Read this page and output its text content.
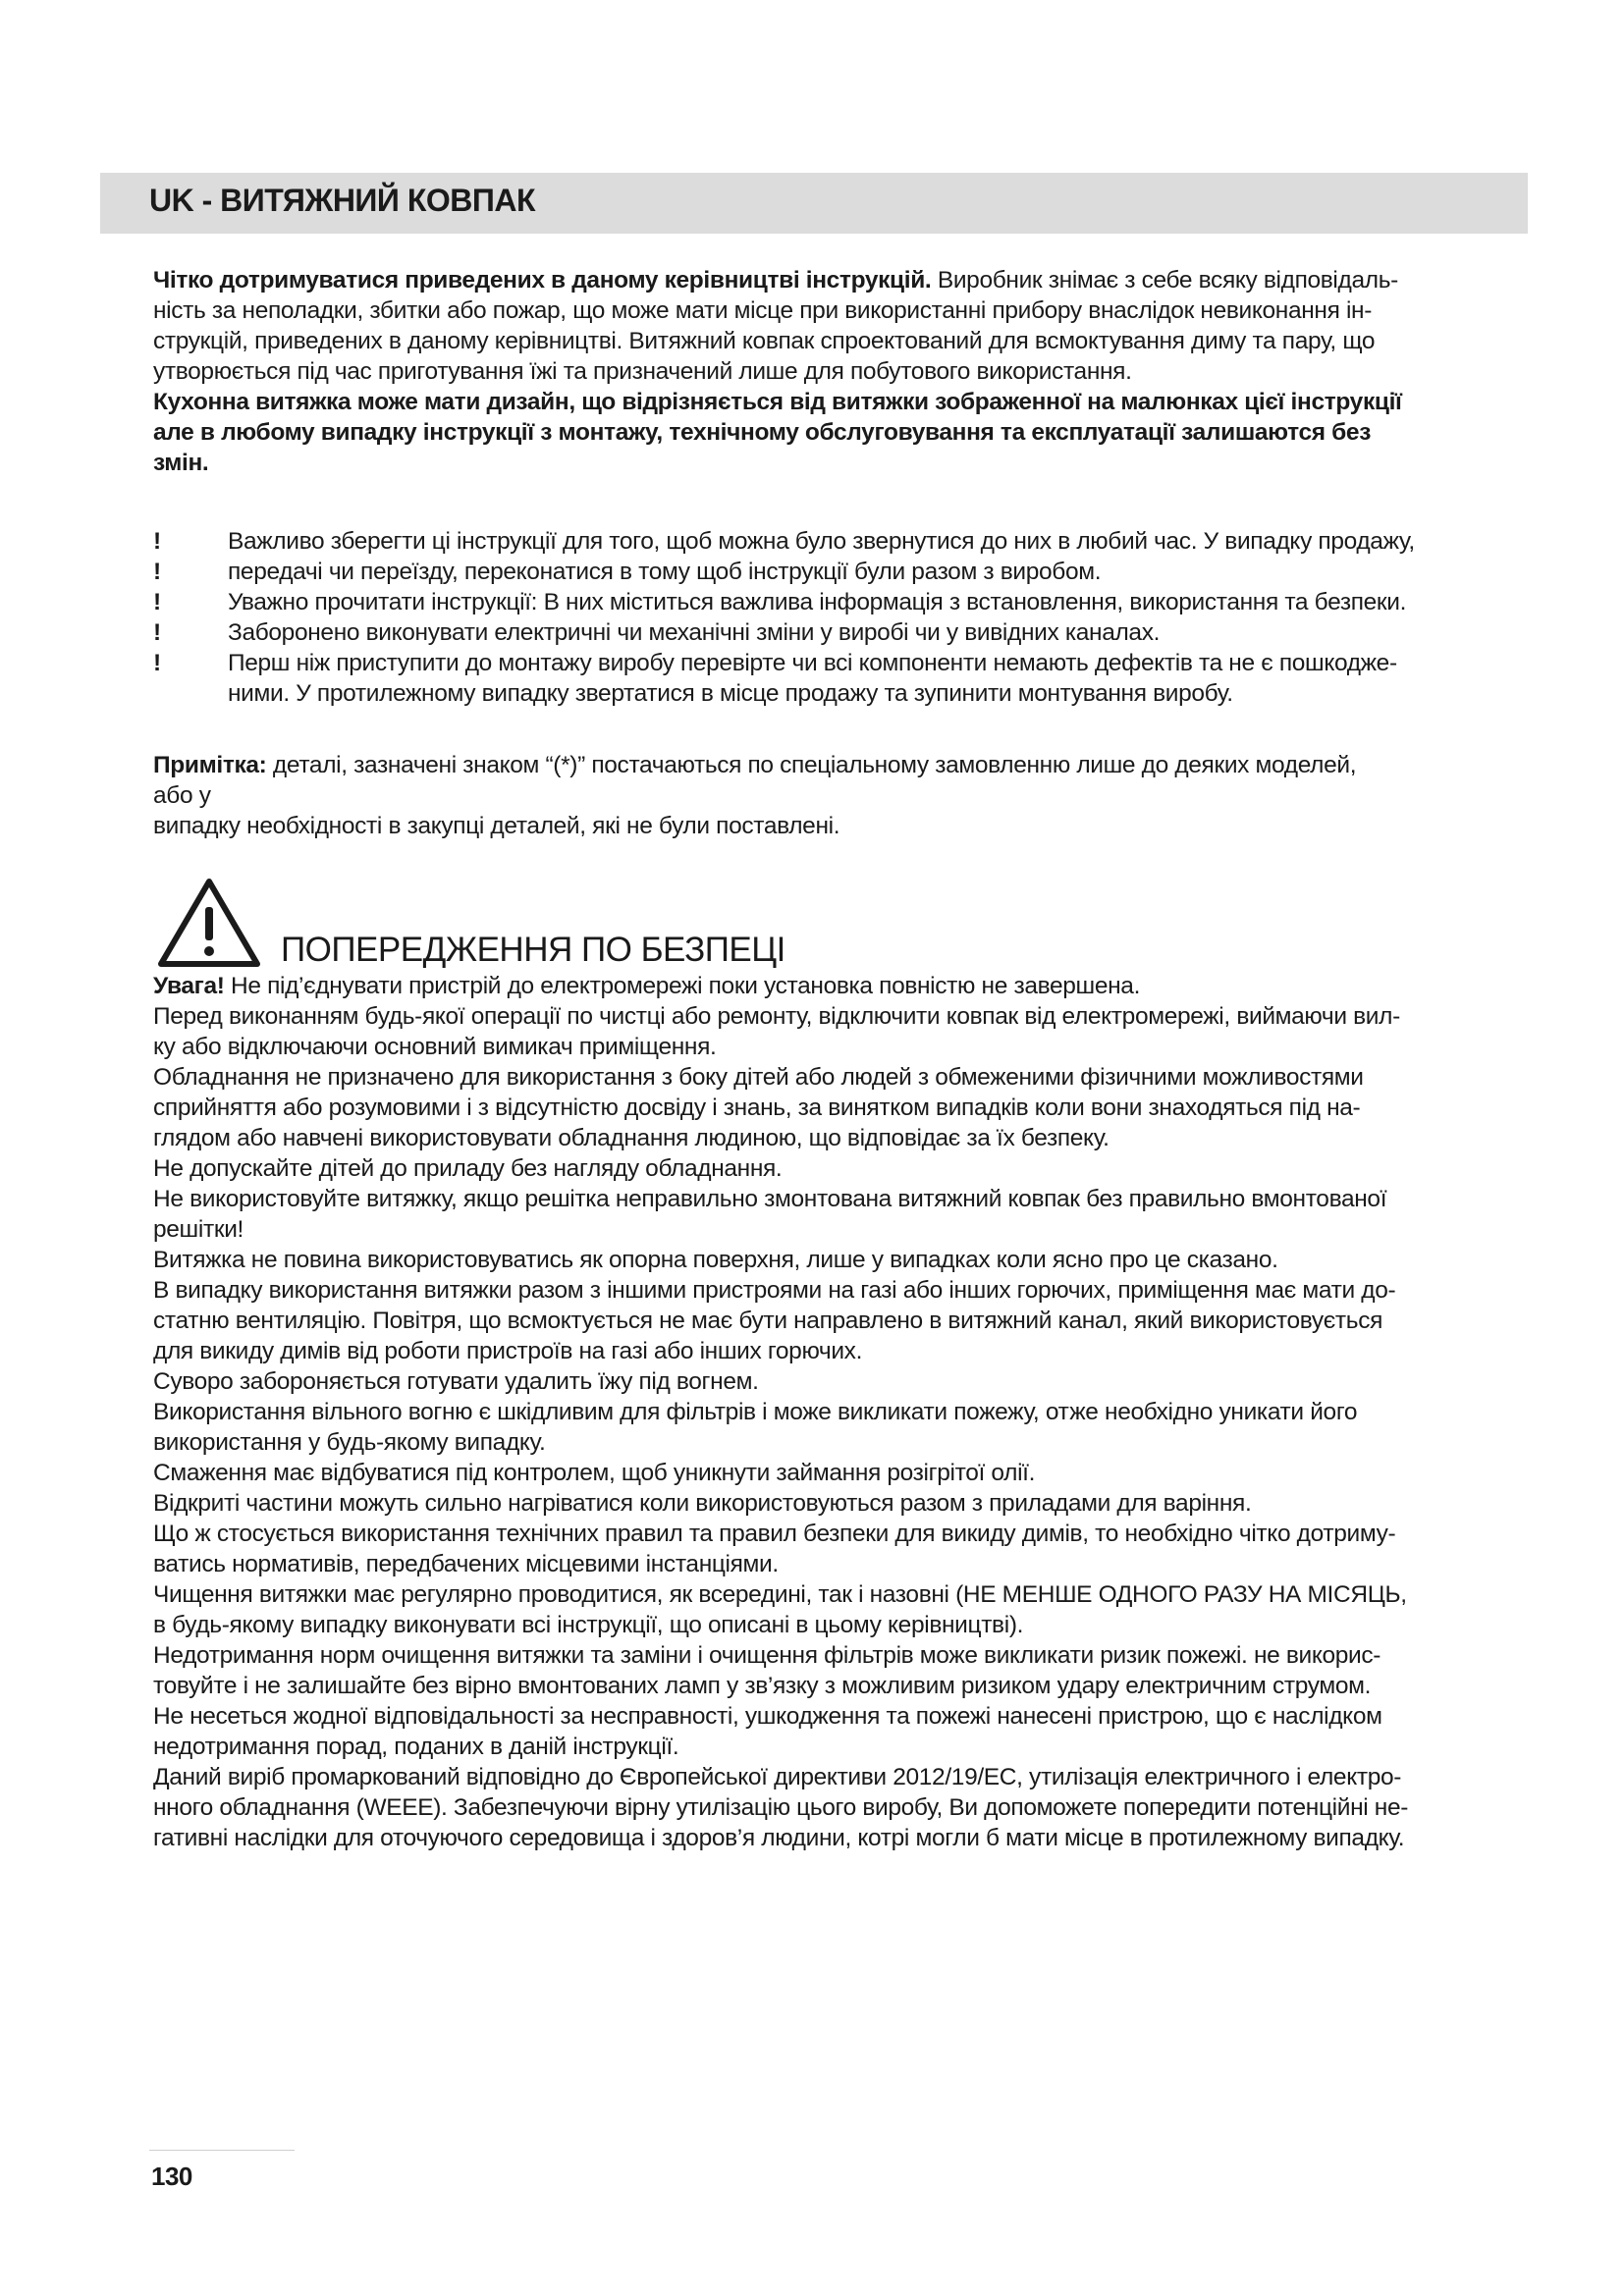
UK - ВИТЯЖНИЙ КОВПАК
Чітко дотримуватися приведених в даному керівництві інструкцій. Виробник знімає з себе всяку відповідаль-
ність за неполадки, збитки або пожар, що може мати місце при використанні прибору внаслідок невиконання ін-
струкцій, приведених в даному керівництві. Витяжний ковпак спроектований для всмоктування диму та пару, що
утворюється під час приготування їжі та призначений лише для побутового використання.
Кухонна витяжка може мати дизайн, що відрізняється від витяжки зображенної на малюнках цієї інструкції
але в любому випадку інструкції з монтажу, технічному обслуговування та експлуатації залишаются без
змін.
!	Важливо зберегти ці інструкції для того, щоб можна було звернутися до них в любий час. У випадку продажу,
!	передачі чи переїзду, переконатися в тому щоб інструкції були разом з виробом.
!	Уважно прочитати інструкції: В них міститься важлива інформація з встановлення, використання та безпеки.
!	Заборонено виконувати електричні чи механічні зміни у виробі чи у вивідних каналах.
!	Перш ніж приступити до монтажу виробу перевірте чи всі компоненти немають дефектів та не є пошкодже-
ними. У протилежному випадку звертатися в місце продажу та зупинити монтування виробу.
Примітка: деталі, зазначені знаком “(*)” постачаються по спеціальному замовленню лише до деяких моделей,
або у
випадку необхідності в закупці деталей, які не були поставлені.
ПОПЕРЕДЖЕННЯ ПО БЕЗПЕЦІ
Увага! Не під’єднувати пристрій до електромережі поки установка повністю не завершена.
Перед виконанням будь-якої операції по чистці або ремонту, відключити ковпак від електромережі, виймаючи вил-
ку або відключаючи основний вимикач приміщення.
Обладнання не призначено для використання з боку дітей або людей з обмеженими фізичними можливостями
сприйняття або розумовими і з відсутністю досвіду і знань, за винятком випадків коли вони знаходяться під на-
глядом або навчені використовувати обладнання людиною, що відповідає за їх безпеку.
Не допускайте дітей до приладу без нагляду обладнання.
Не використовуйте витяжку, якщо решітка неправильно змонтована витяжний ковпак без правильно вмонтованої
решітки!
Витяжка не повина використовуватись як опорна поверхня, лише у випадках коли ясно про це сказано.
В випадку використання витяжки разом з іншими пристроями на газі або інших горючих, приміщення має мати до-
статню вентиляцію. Повітря, що всмоктується не має бути направлено в витяжний канал, який використовується
для викиду димів від роботи пристроїв на газі або інших горючих.
Суворо забороняється готувати удалить їжу під вогнем.
Використання вільного вогню є шкідливим для фільтрів і може викликати пожежу, отже необхідно уникати його
використання у будь-якому випадку.
Смаження має відбуватися під контролем, щоб уникнути займання розігрітої олії.
Відкриті частини можуть сильно нагріватися коли використовуються разом з приладами для варіння.
Що ж стосується використання технічних правил та правил безпеки для викиду димів, то необхідно чітко дотриму-
ватись нормативів, передбачених місцевими інстанціями.
Чищення витяжки має регулярно проводитися, як всередині, так і назовні (НЕ МЕНШЕ ОДНОГО РАЗУ НА МІСЯЦЬ,
в будь-якому випадку виконувати всі інструкції, що описані в цьому керівництві).
Недотримання норм очищення витяжки та заміни і очищення фільтрів може викликати ризик пожежі. не викорис-
товуйте і не залишайте без вірно вмонтованих ламп у зв’язку з можливим ризиком удару електричним струмом.
Не несеться жодної відповідальності за несправності, ушкодження та пожежі нанесені пристрою, що є наслідком
недотримання порад, поданих в даній інструкції.
Даний виріб промаркований відповідно до Європейської директиви 2012/19/EC, утилізація електричного і електро-
нного обладнання (WEEE). Забезпечуючи вірну утилізацію цього виробу, Ви допоможете попередити потенційні не-
гативні наслідки для оточуючого середовища і здоров’я людини, котрі могли б мати місце в протилежному випадку.
130
